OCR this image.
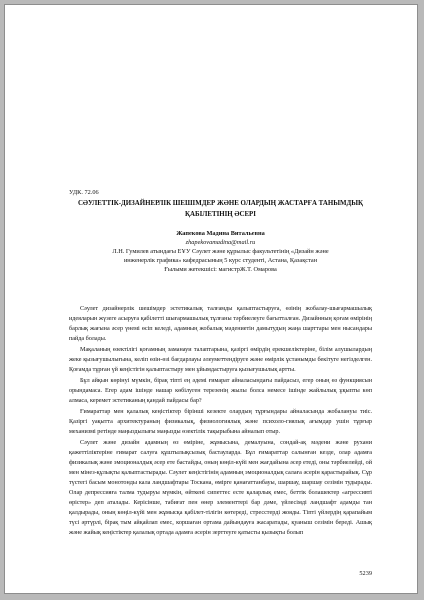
УДК. 72.06
СӘУЛЕТТІК-ДИЗАЙНЕРЛІК ШЕШІМДЕР ЖӘНЕ ОЛАРДЫҢ ЖАСТАРҒА ТАНЫМДЫҚ ҚАБІЛЕТІНІҢ ӘСЕРІ
Жапекова Мадина Витальевна
zhapekovamadina@mail.ru
Л.Н. Гумилев атындағы ЕҰУ Сәулет және құрылыс факультетінің «Дизайн және
инженерлік графика» кафедрасының 5 курс студенті, Астана, Қазақстан
Ғылыми жетекшісі: магистрЖ.Т. Омарова

Сәулет дизайнерлік шешімдер эстетикалық талғамды қалыптастыруға, өзінің жобалау-шығармашылық идеяларын жүзеге асыруға қабілетті шығармашылық тұлғаны тәрбиелеуге бағытталған. Дизайнның қоғам өмірінің барлық жағына әсер үнемі өсіп келеді, адамның жобалық мәдениетін дамытудың жаңа шарттары мен нысандары пайда болады.

Мақаланың өзектілігі қоғамның заманауи талаптарына, қазіргі өмірдің ерекшеліктеріне, білім алушылардың жеке қызығушылығына, келіп өзін-өзі бағдарлауы әлеуметтендіруге және өмірлік ұстанымды бекітуге негізделген. Қоғамда тұрған үй кеңістігін қалыптастыру мен ұйымдастыруға қызығушылық артты.

Бұл айқын көрінуі мүмкін, бірақ тіпті ең әдемі ғимарат айналасындағы пайдасыз, егер оның өз функциясын орындамаса. Егер адам ішінде нашар көбілуген терезенің жылы болса немесе ішінде жайлылық ұқыпты көп алмаса, керемет эстетиканың қандай пайдасы бар?

Ғимараттар мен қалалық кеңістіктер бірінші кезекте олардың тұрғындары айналасында жобалануы тиіс. Қазіргі уақытта архитектураның физикалық, физиологиялық және психоло-гиялық ағымдар ушін тұрғыр механизмі ретінде маңыздылығы маңызды өзектілік тақырыбына айналып отыр.

Сәулет және дизайн адамның өз өміріне, жұмысына, демалуына, сондай-ақ мәдени және рухани қажеттіліктеріне ғимарат салуға құштылықсызық бастауларда. Бұл ғимараттар салынған кезде, олар адамға физикалық және эмоционалдық әсер ете бастайды, оның көңіл-күйі мен жағдайына әсер етеді, оны тәрбиелейді, ой мен мінез-құлықты қалыптастырады. Сәулет кеңістігінің адамның эмоционалдық салаға әсерін қарастырайық. Сұр түстегі басым монотонды кала ландшафтары Тоскана, өмірге қанағаттанбауы, шаршау, шаршау сезімін тудырады. Олар депрессияға талма тудыруы мүмкін, өйткені сипеттес есте қаларлық емес, беттік болашектер «агрессивті өрістер» деп аталады. Керісінше, табиғат пен өнер элементтері бар дәме, үйлесімді ландшафт адамды тан қалдырады, оның көңіл-күйі мен жұмысқа қабілет-тілігін көтереді, стресстерді жояды. Тіпті үйлердің қарапайым түсі әртүрлі, бірақ тым айқайлап емес, коршаған ортама дайындауға жасаратады, қуаныш сезімін береді. Ашық және жайық кеңістіктер қалалық ортада адамға әсерін зерттеуге қатысты қызықты болып

5239
